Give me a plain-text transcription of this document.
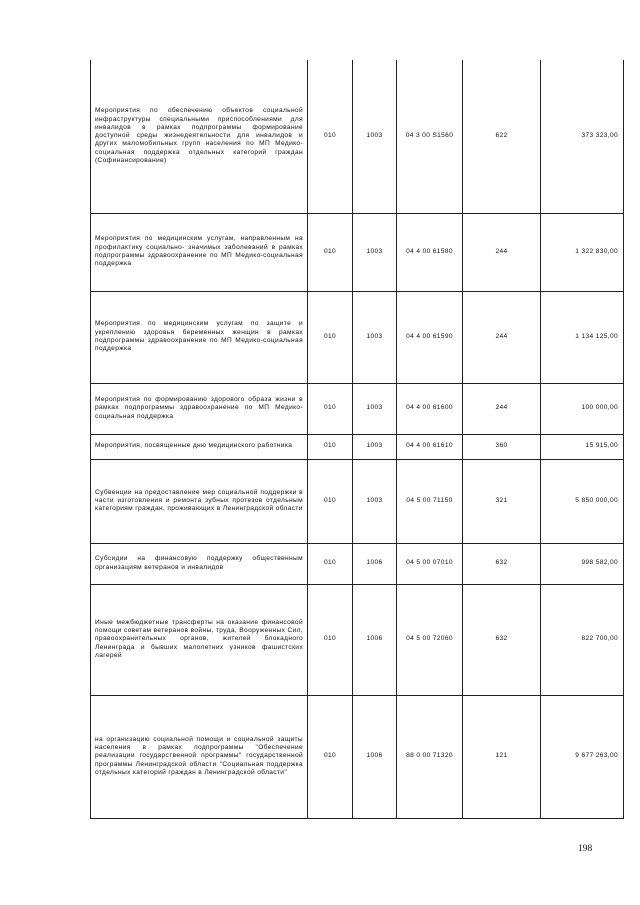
Мероприятия по обеспечению объектов социальной инфраструктуры специальными приспособлениями для инвалидов в рамках подпрограммы формирование доступной среды жизнедеятельности для инвалидов и других маломобильных групп населения по МП Медико-социальная поддержка отдельных категорий граждан (Софинансирование)	010	1003	04 3 00 S1560	622	373 323,00
Мероприятия по медицинским услугам, направленным на профилактику социально- значимых заболеваний в рамках подпрограммы здравоохранение по МП Медико-социальная поддержка	010	1003	04 4 00 61580	244	1 322 830,00
Мероприятия по медицинским услугам по защите и укреплению здоровья беременных женщин в рамках подпрограммы здравоохранение по МП Медико-социальная поддержка	010	1003	04 4 00 61590	244	1 134 125,00
Мероприятия по формированию здорового образа жизни в рамках подпрограммы здравоохранение по МП Медико-социальная поддержка	010	1003	04 4 00 61600	244	100 000,00
Мероприятия, посвященные дню медицинского работника	010	1003	04 4 00 61610	360	15 915,00
Субвенции на предоставление мер социальной поддержки в части изготовления и ремонта зубных протезов отдельным категориям граждан, проживающих в Ленинградской области	010	1003	04 5 00 71150	321	5 850 000,00
Субсидии на финансовую поддержку общественным организациям ветеранов и инвалидов	010	1006	04 5 00 07010	632	998 582,00
Иные межбюджетные трансферты на оказание финансовой помощи советам ветеранов войны, труда, Вооруженных Сил, правоохранительных органов, жителей блокадного Ленинграда и бывших малолетних узников фашистских лагерей	010	1006	04 5 00 72060	632	822 700,00
на организацию социальной помощи и социальной защиты населения в рамках подпрограммы "Обеспечение реализации государственной программы" государственной программы Ленинградской области "Социальная поддержка отдельных категорий граждан в Ленинградской области"	010	1006	88 0 00 71320	121	9 677 263,00
198
